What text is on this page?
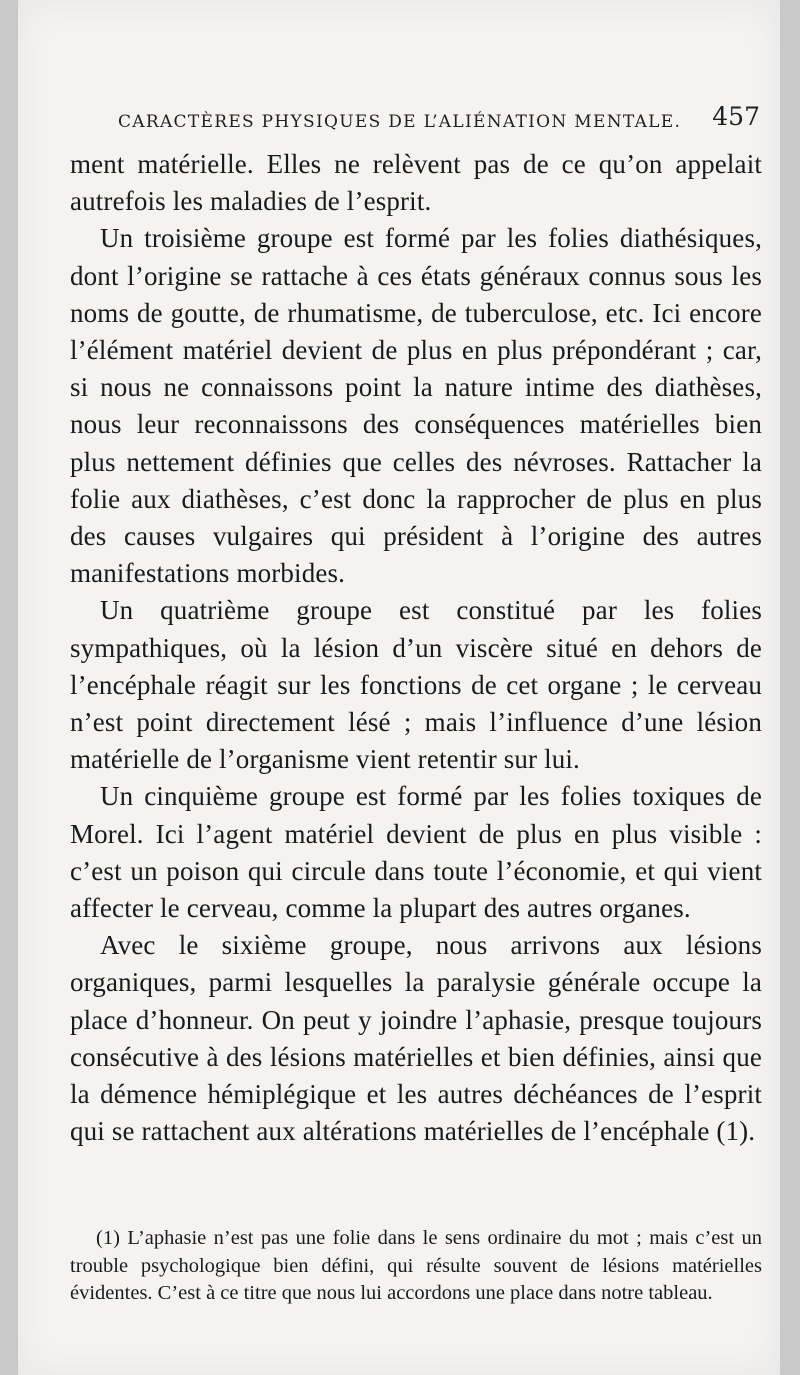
CARACTÈRES PHYSIQUES DE L’ALIÉNATION MENTALE. 457

ment matérielle. Elles ne relèvent pas de ce qu’on appelait autrefois les maladies de l’esprit.

Un troisième groupe est formé par les folies diathésiques, dont l’origine se rattache à ces états généraux connus sous les noms de goutte, de rhumatisme, de tuberculose, etc. Ici encore l’élément matériel devient de plus en plus prépondérant ; car, si nous ne connaissons point la nature intime des diathèses, nous leur reconnaissons des conséquences matérielles bien plus nettement définies que celles des névroses. Rattacher la folie aux diathèses, c’est donc la rapprocher de plus en plus des causes vulgaires qui président à l’origine des autres manifestations morbides.

Un quatrième groupe est constitué par les folies sympathiques, où la lésion d’un viscère situé en dehors de l’encéphale réagit sur les fonctions de cet organe ; le cerveau n’est point directement lésé ; mais l’influence d’une lésion matérielle de l’organisme vient retentir sur lui.

Un cinquième groupe est formé par les folies toxiques de Morel. Ici l’agent matériel devient de plus en plus visible : c’est un poison qui circule dans toute l’économie, et qui vient affecter le cerveau, comme la plupart des autres organes.

Avec le sixième groupe, nous arrivons aux lésions organiques, parmi lesquelles la paralysie générale occupe la place d’honneur. On peut y joindre l’aphasie, presque toujours consécutive à des lésions matérielles et bien définies, ainsi que la démence hémiplégique et les autres déchéances de l’esprit qui se rattachent aux altérations matérielles de l’encéphale (1).

(1) L’aphasie n’est pas une folie dans le sens ordinaire du mot ; mais c’est un trouble psychologique bien défini, qui résulte souvent de lésions matérielles évidentes. C’est à ce titre que nous lui accordons une place dans notre tableau.
